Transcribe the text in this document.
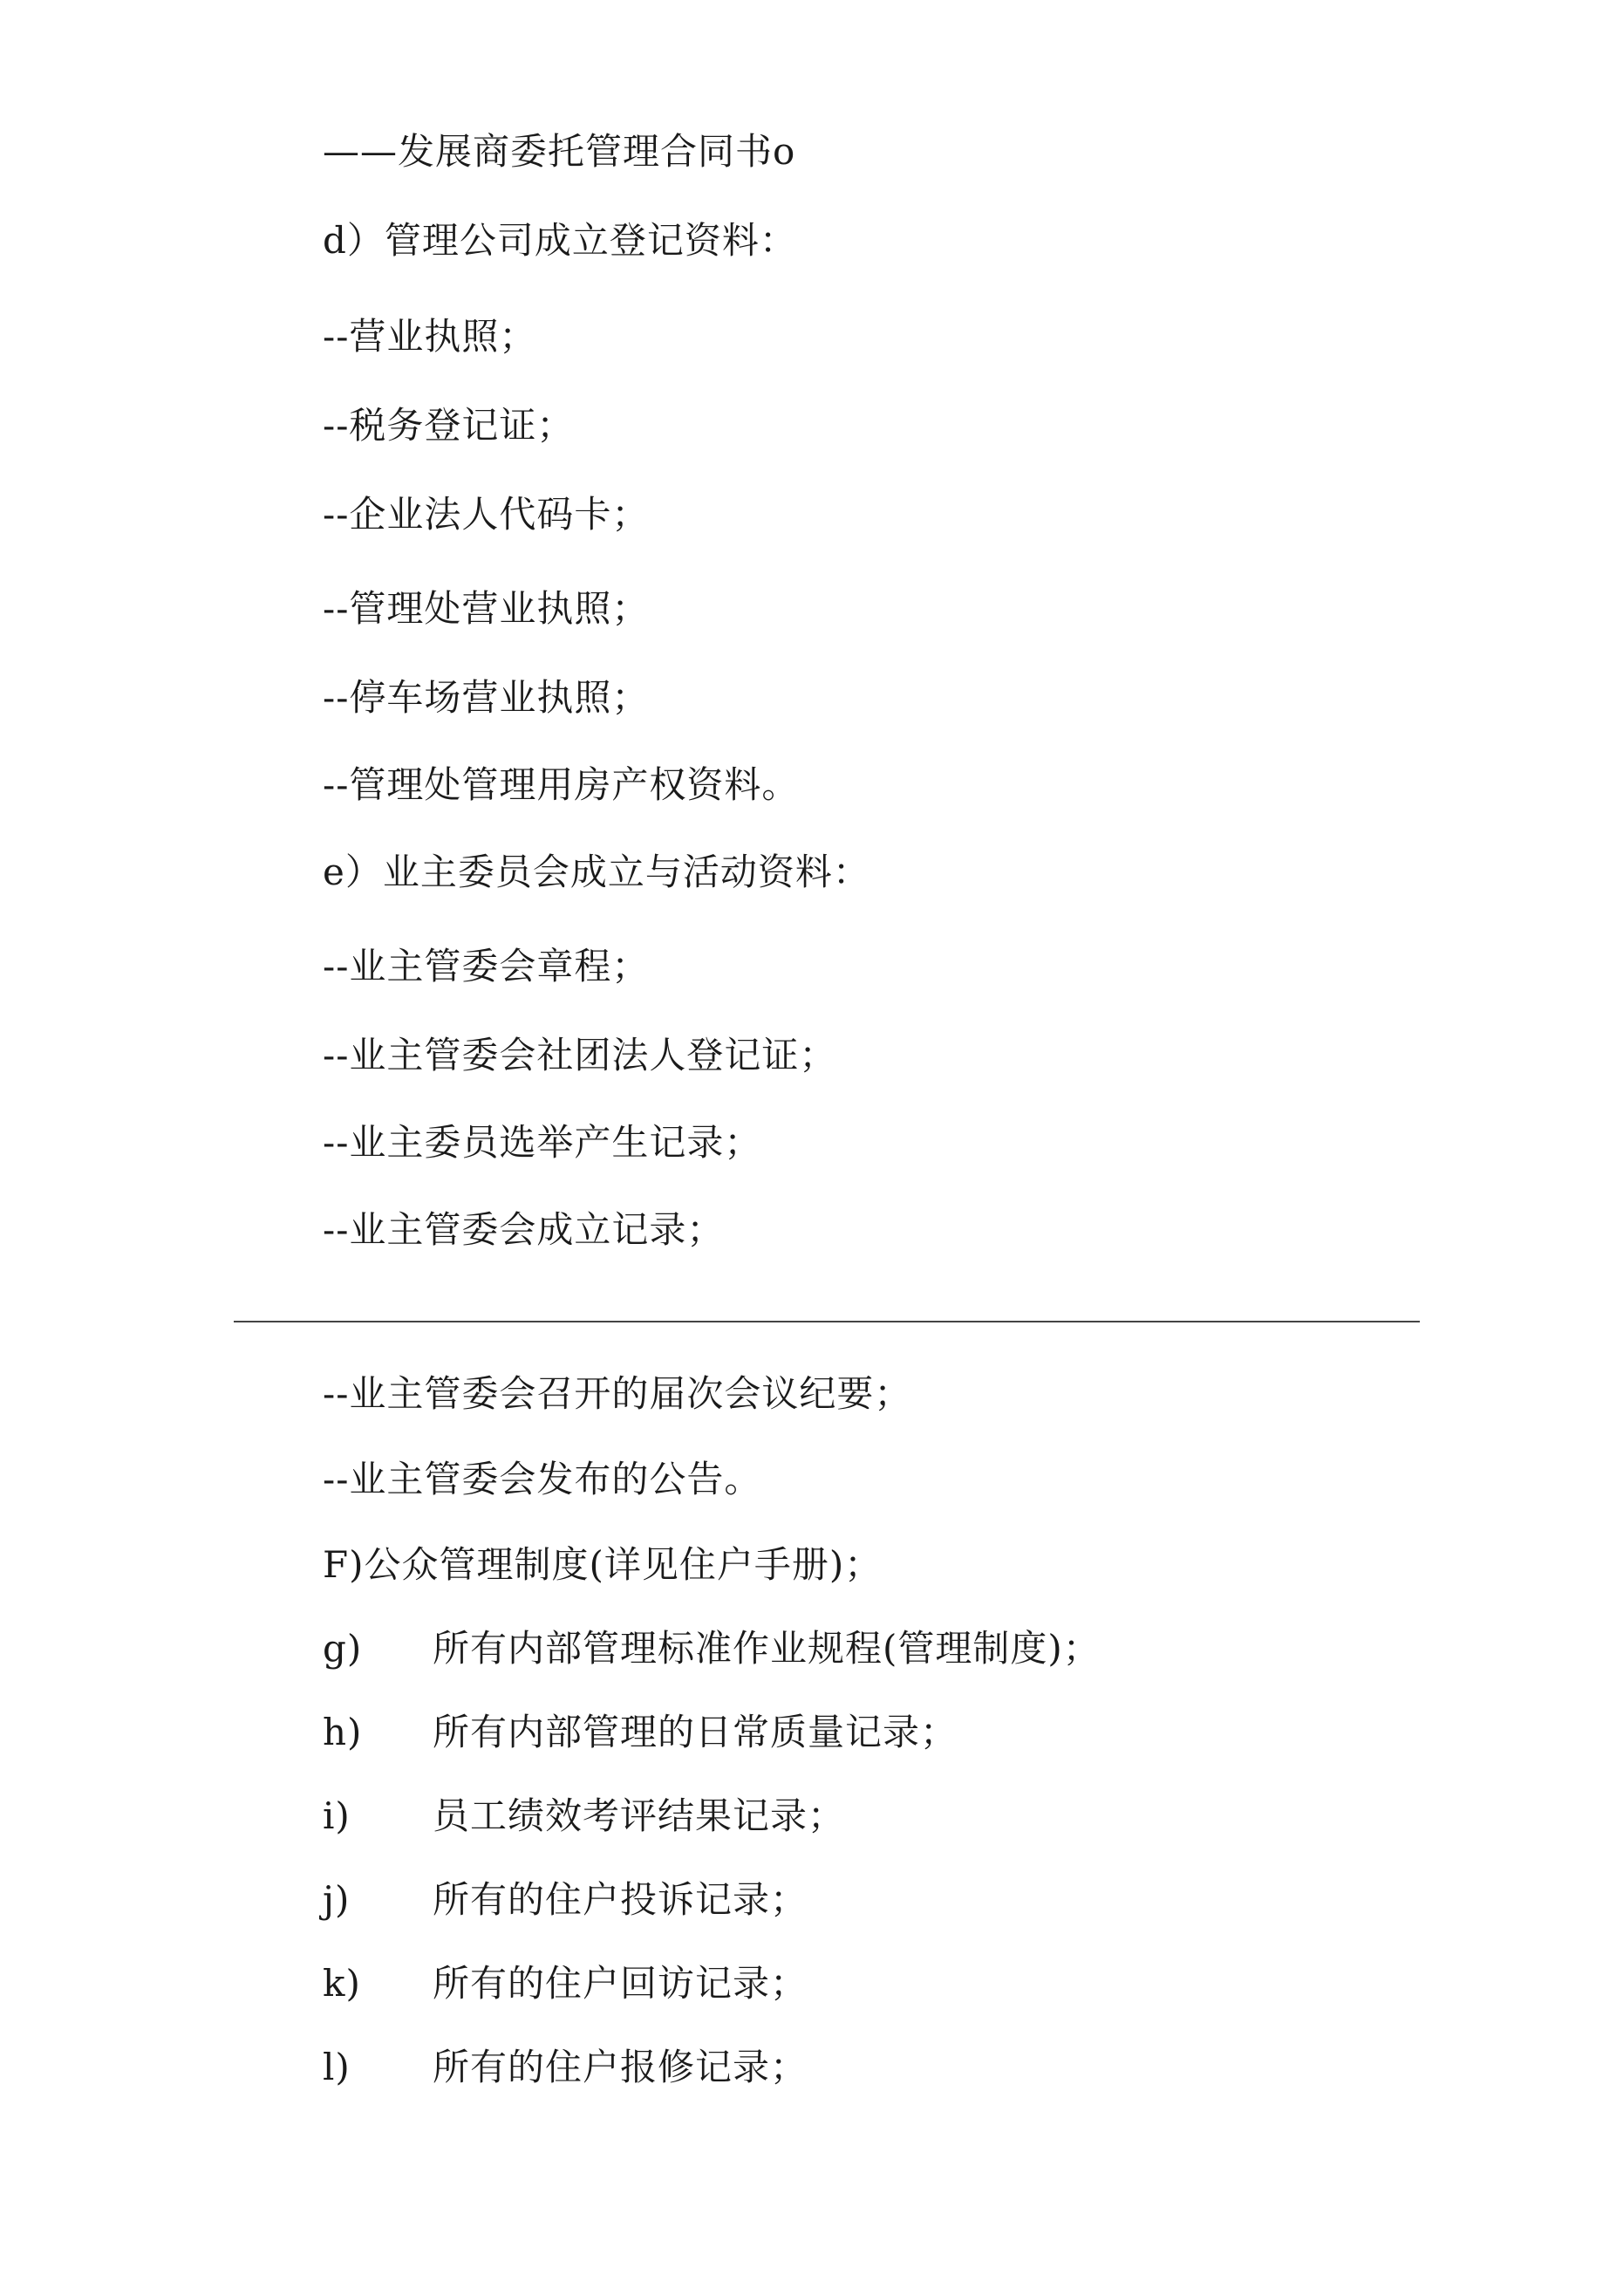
——发展商委托管理合同书o
d）管理公司成立登记资料：
--营业执照；
--税务登记证；
--企业法人代码卡；
--管理处营业执照；
--停车场营业执照；
--管理处管理用房产权资料。
e）业主委员会成立与活动资料：
--业主管委会章程；
--业主管委会社团法人登记证；
--业主委员选举产生记录；
--业主管委会成立记录；
--业主管委会召开的届次会议纪要；
--业主管委会发布的公告。
F)公众管理制度(详见住户手册)；
g) 所有内部管理标准作业规程(管理制度)；
h) 所有内部管理的日常质量记录；
i) 员工绩效考评结果记录；
j) 所有的住户投诉记录；
k) 所有的住户回访记录；
l) 所有的住户报修记录；
